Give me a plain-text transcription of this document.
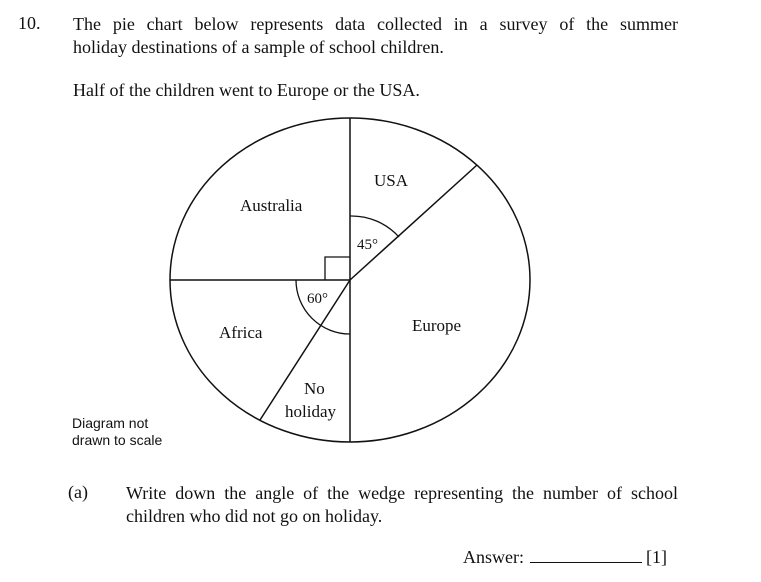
10. The pie chart below represents data collected in a survey of the summer
holiday destinations of a sample of school children.
Half of the children went to Europe or the USA.
USA
45°
Europe
No
holiday
Africa
60°
Australia
Diagram not
drawn to scale
(a) Write down the angle of the wedge representing the number of school
children who did not go on holiday.
Answer:	[1]
